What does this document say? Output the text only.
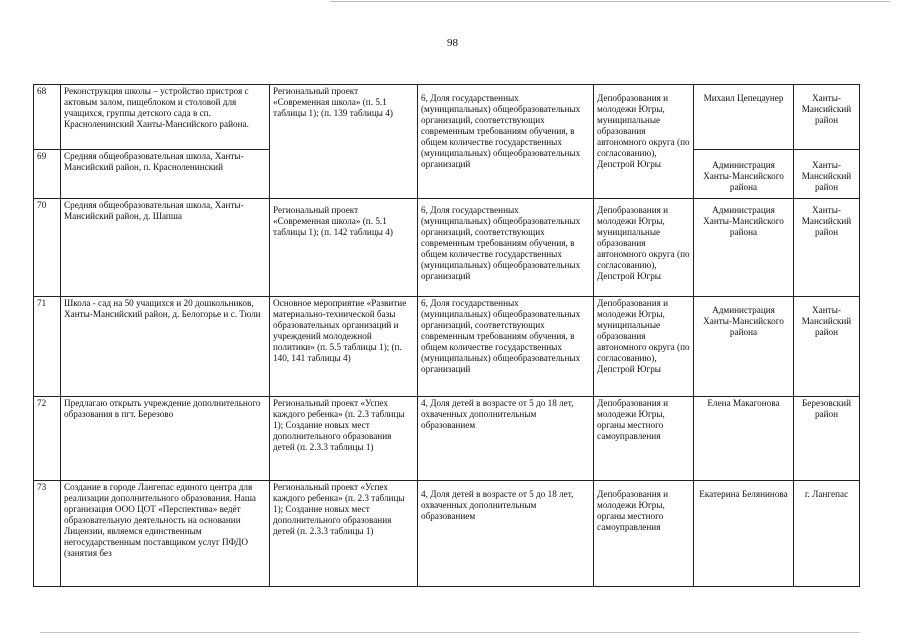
98
68	Реконструкция школы – устройство пристроя с актовым залом, пищеблоком и столовой для учащихся, группы детского сада в сп. Красноленинский Ханты-Мансийского района.	Региональный проект «Современная школа» (п. 5.1 таблицы 1); (п. 139 таблицы 4)	6, Доля государственных (муниципальных) общеобразовательных организаций, соответствующих современным требованиям обучения, в общем количестве государственных (муниципальных) общеобразовательных организаций	Депобразования и молодежи Югры, муниципальные образования автономного округа (по согласованию), Депстрой Югры	Михаил Цепецаунер	Ханты-Мансийский район
69	Средняя общеобразовательная школа, Ханты-Мансийский район, п. Красноленинский				Администрация Ханты-Мансийского района	Ханты-Мансийский район
70	Средняя общеобразовательная школа, Ханты-Мансийский район, д. Шапша	Региональный проект «Современная школа» (п. 5.1 таблицы 1); (п. 142 таблицы 4)	6, Доля государственных (муниципальных) общеобразовательных организаций, соответствующих современным требованиям обучения, в общем количестве государственных (муниципальных) общеобразовательных организаций	Депобразования и молодежи Югры, муниципальные образования автономного округа (по согласованию), Депстрой Югры	Администрация Ханты-Мансийского района	Ханты-Мансийский район
71	Школа - сад на 50 учащихся и 20 дошкольников, Ханты-Мансийский район, д. Белогорье и с. Тюли	Основное мероприятие «Развитие материально-технической базы образовательных организаций и учреждений молодежной политики» (п. 5.5 таблицы 1); (п. 140, 141 таблицы 4)	6, Доля государственных (муниципальных) общеобразовательных организаций, соответствующих современным требованиям обучения, в общем количестве государственных (муниципальных) общеобразовательных организаций	Депобразования и молодежи Югры, муниципальные образования автономного округа (по согласованию), Депстрой Югры	Администрация Ханты-Мансийского района	Ханты-Мансийский район
72	Предлагаю открыть учреждение дополнительного образования в пгт. Березово	Региональный проект «Успех каждого ребенка» (п. 2.3 таблицы 1); Создание новых мест дополнительного образования детей (п. 2.3.3 таблицы 1)	4, Доля детей в возрасте от 5 до 18 лет, охваченных дополнительным образованием	Депобразования и молодежи Югры, органы местного самоуправления	Елена Макагонова	Березовский район
73	Создание в городе Лангепас единого центра для реализации дополнительного образования. Наша организация ООО ЦОТ «Перспектива» ведёт образовательную деятельность на основании Лицензии, являемся единственным негосударственным поставщиком услуг ПФДО (занятия без	Региональный проект «Успех каждого ребенка» (п. 2.3 таблицы 1); Создание новых мест дополнительного образования детей (п. 2.3.3 таблицы 1)	4, Доля детей в возрасте от 5 до 18 лет, охваченных дополнительным образованием	Депобразования и молодежи Югры, органы местного самоуправления	Екатерина Белянинова	г. Лангепас
